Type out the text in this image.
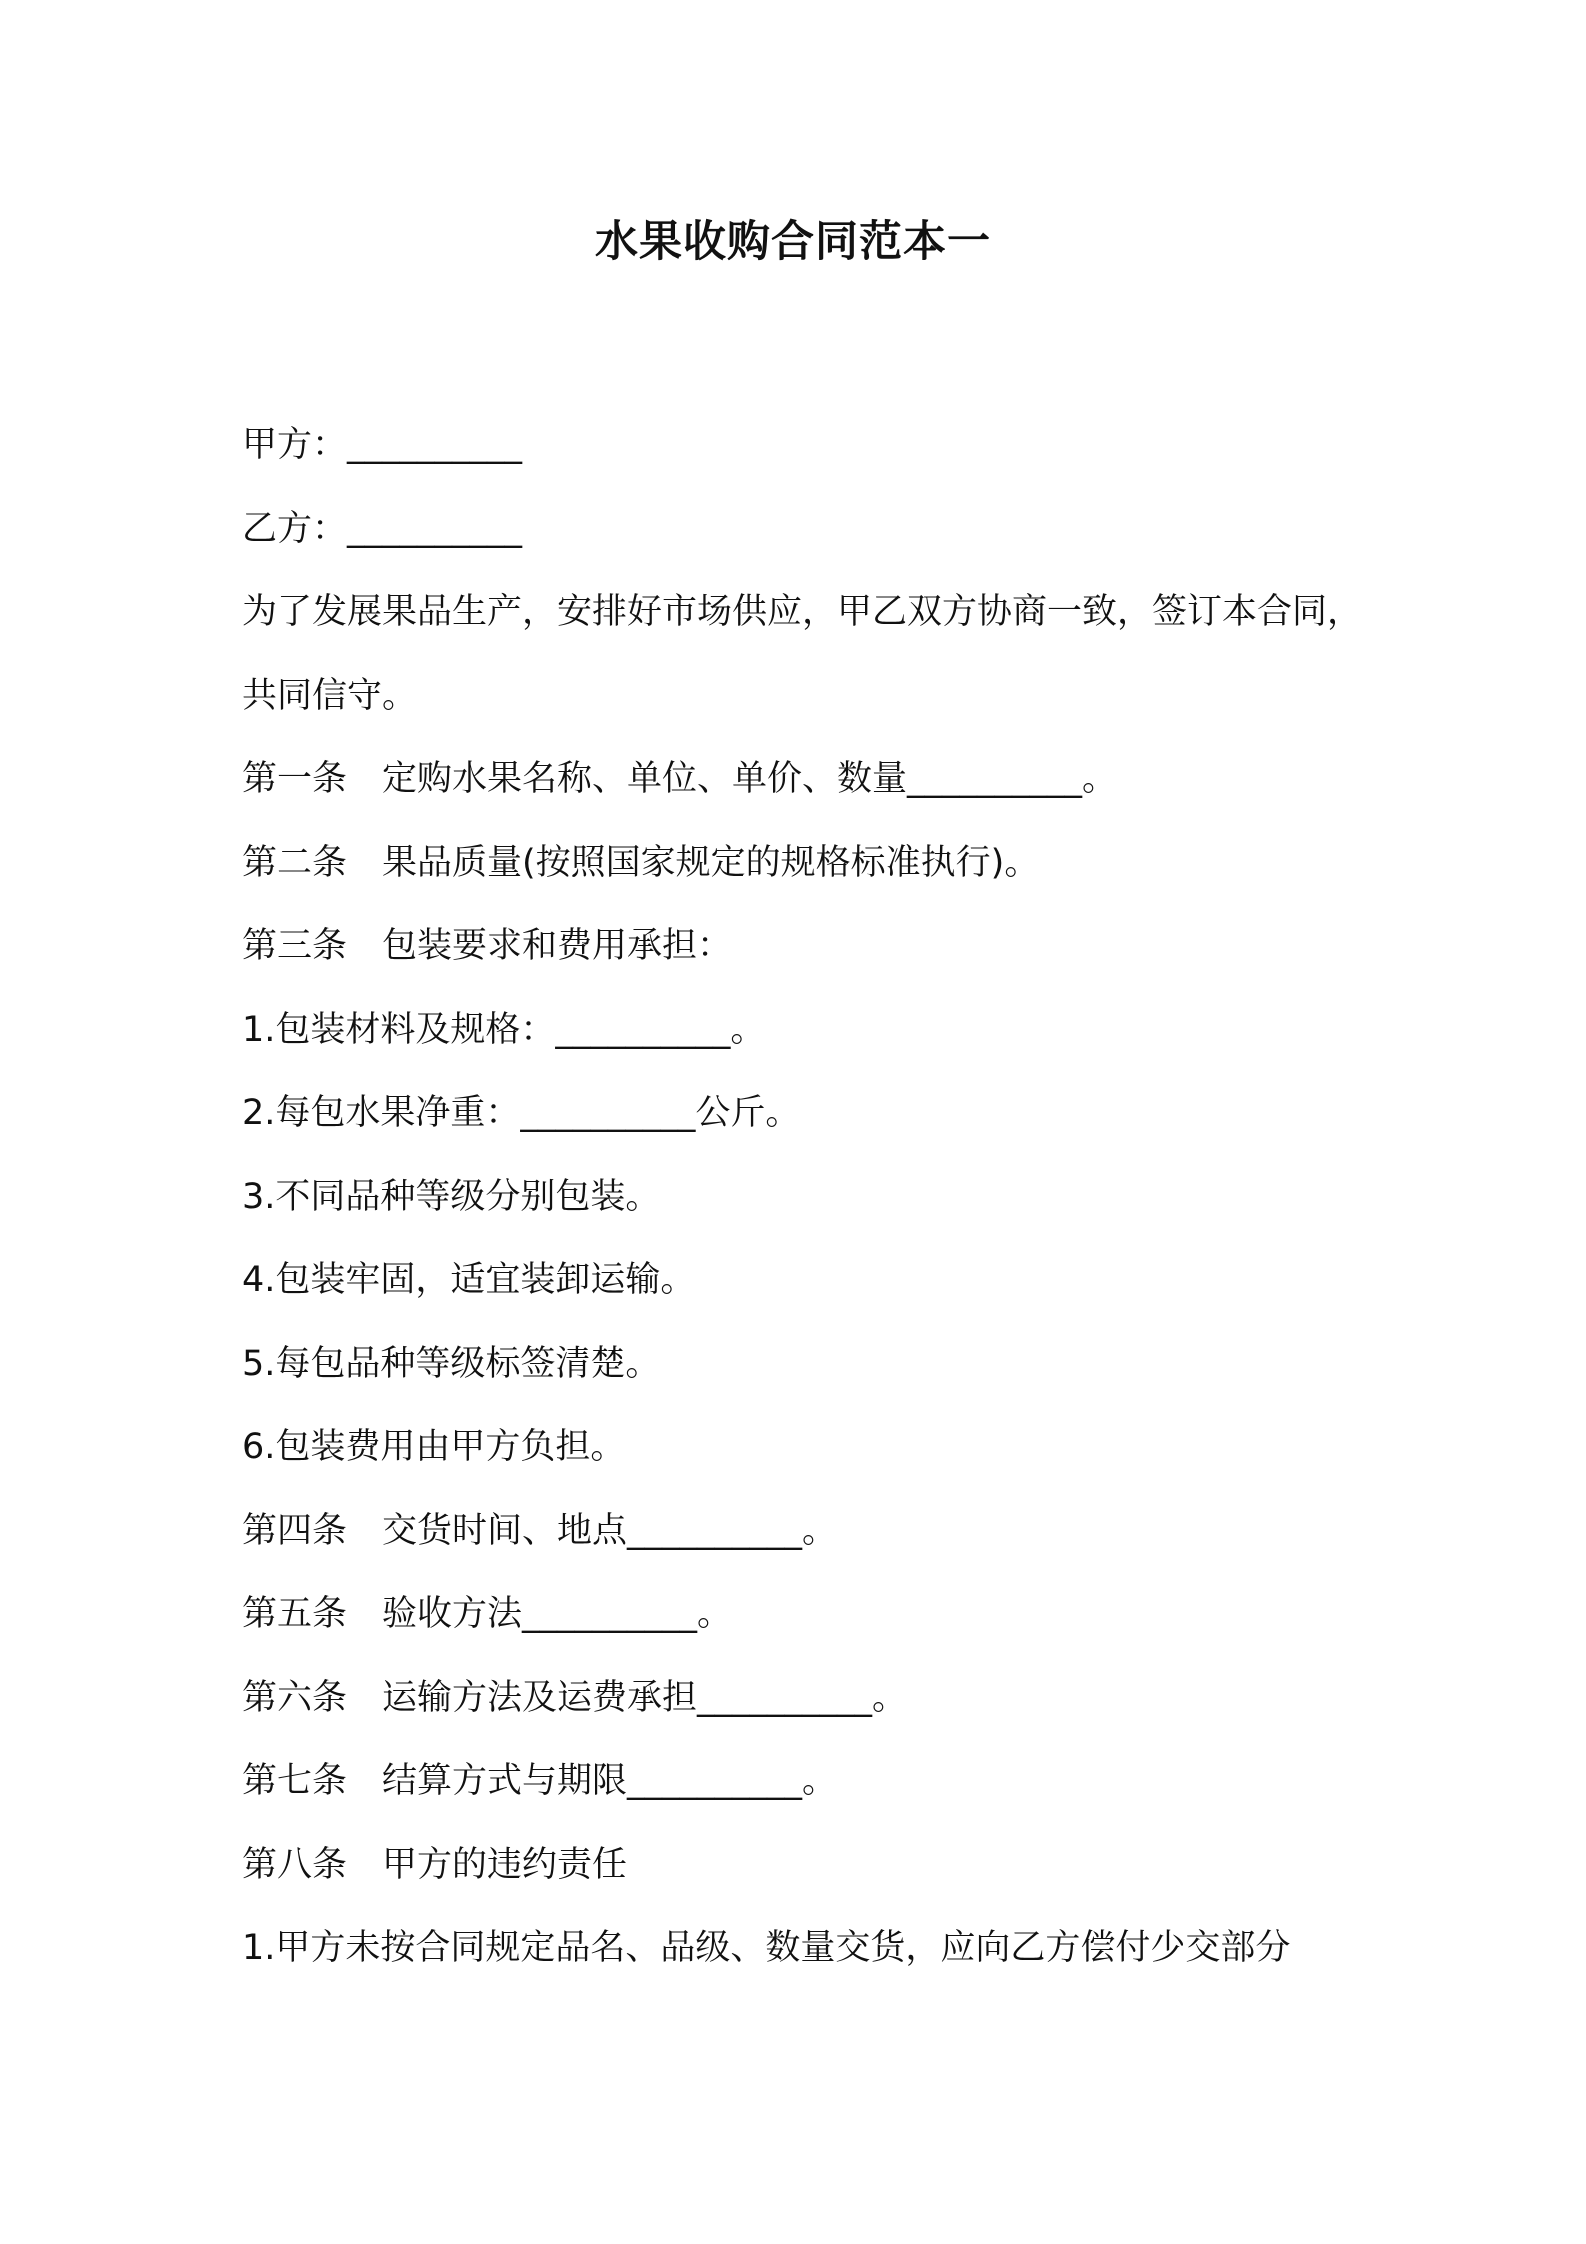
水果收购合同范本一

甲方：__________

乙方：__________

为了发展果品生产，安排好市场供应，甲乙双方协商一致，签订本合同，共同信守。

第一条 定购水果名称、单位、单价、数量__________。

第二条 果品质量(按照国家规定的规格标准执行)。

第三条 包装要求和费用承担：

1.包装材料及规格：__________。

2.每包水果净重：__________公斤。

3.不同品种等级分别包装。

4.包装牢固，适宜装卸运输。

5.每包品种等级标签清楚。

6.包装费用由甲方负担。

第四条 交货时间、地点__________。

第五条 验收方法__________。

第六条 运输方法及运费承担__________。

第七条 结算方式与期限__________。

第八条 甲方的违约责任

1.甲方未按合同规定品名、品级、数量交货，应向乙方偿付少交部分
